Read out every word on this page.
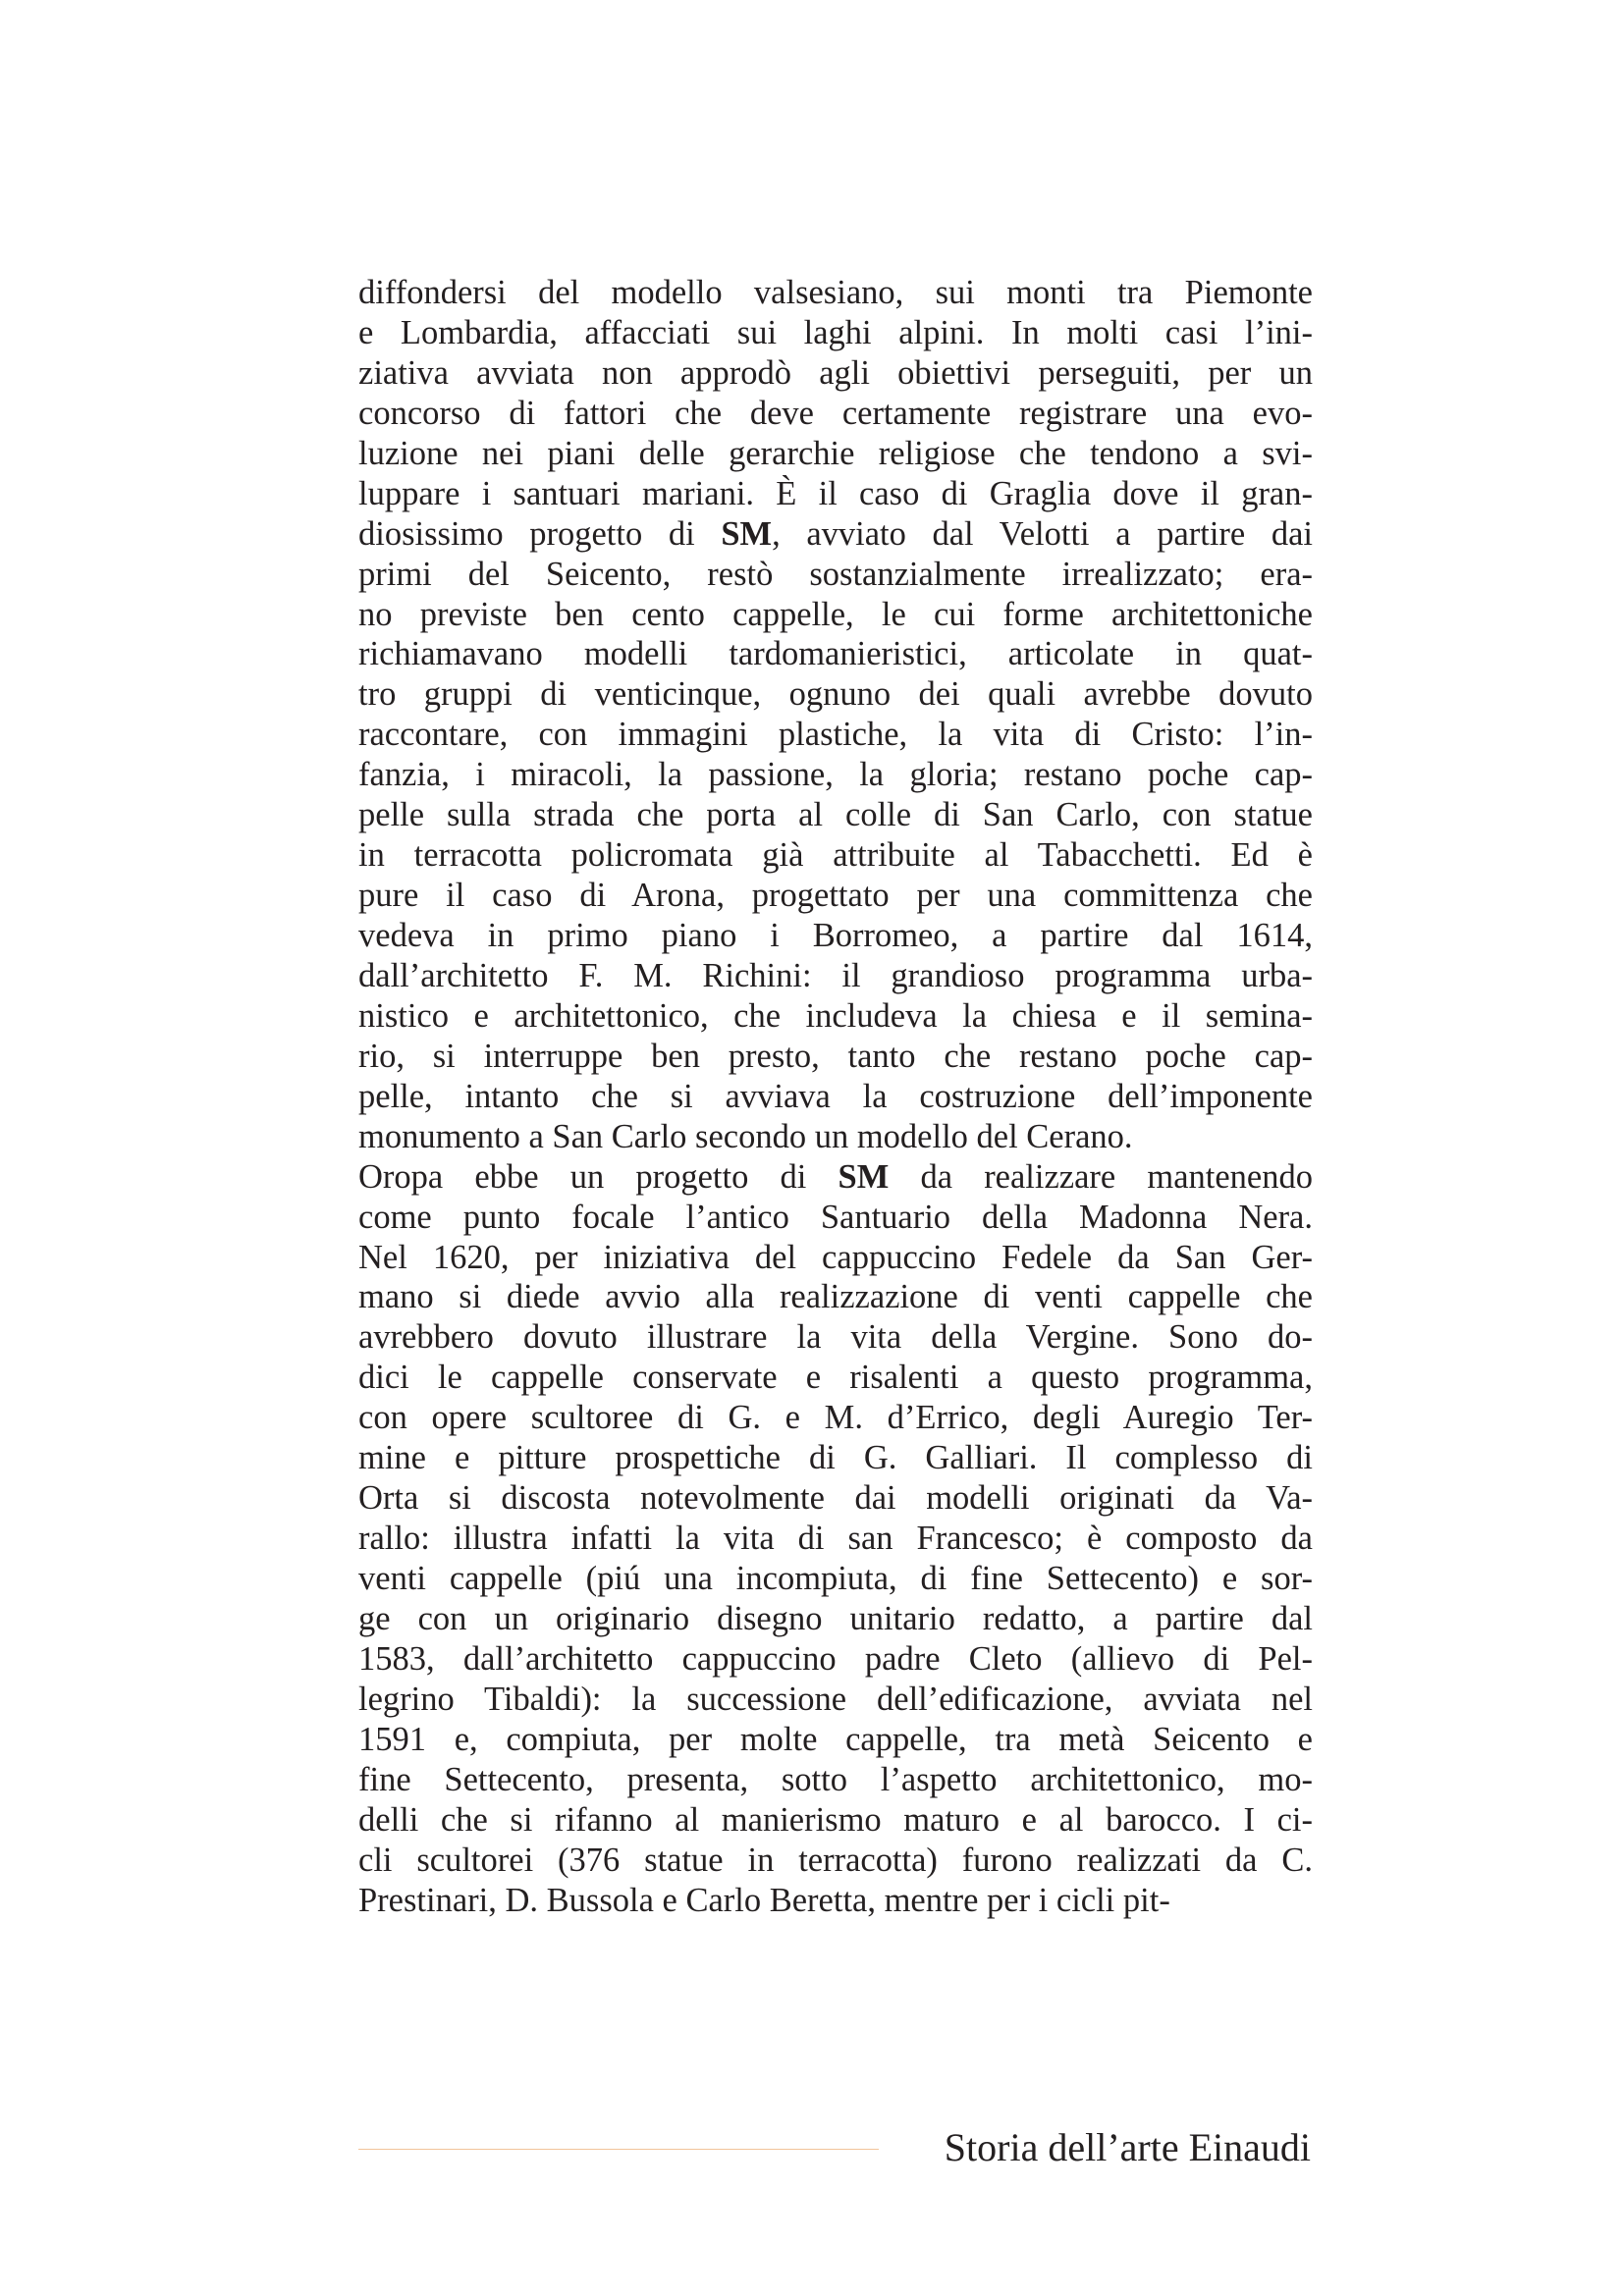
diffondersi del modello valsesiano, sui monti tra Piemonte
e Lombardia, affacciati sui laghi alpini. In molti casi l’ini-
ziativa avviata non approdò agli obiettivi perseguiti, per un
concorso di fattori che deve certamente registrare una evo-
luzione nei piani delle gerarchie religiose che tendono a svi-
luppare i santuari mariani. È il caso di Graglia dove il gran-
diosissimo progetto di SM, avviato dal Velotti a partire dai
primi del Seicento, restò sostanzialmente irrealizzato; era-
no previste ben cento cappelle, le cui forme architettoniche
richiamavano modelli tardomanieristici, articolate in quat-
tro gruppi di venticinque, ognuno dei quali avrebbe dovuto
raccontare, con immagini plastiche, la vita di Cristo: l’in-
fanzia, i miracoli, la passione, la gloria; restano poche cap-
pelle sulla strada che porta al colle di San Carlo, con statue
in terracotta policromata già attribuite al Tabacchetti. Ed è
pure il caso di Arona, progettato per una committenza che
vedeva in primo piano i Borromeo, a partire dal 1614,
dall’architetto F. M. Richini: il grandioso programma urba-
nistico e architettonico, che includeva la chiesa e il semina-
rio, si interruppe ben presto, tanto che restano poche cap-
pelle, intanto che si avviava la costruzione dell’imponente
monumento a San Carlo secondo un modello del Cerano.
Oropa ebbe un progetto di SM da realizzare mantenendo
come punto focale l’antico Santuario della Madonna Nera.
Nel 1620, per iniziativa del cappuccino Fedele da San Ger-
mano si diede avvio alla realizzazione di venti cappelle che
avrebbero dovuto illustrare la vita della Vergine. Sono do-
dici le cappelle conservate e risalenti a questo programma,
con opere scultoree di G. e M. d’Errico, degli Auregio Ter-
mine e pitture prospettiche di G. Galliari. Il complesso di
Orta si discosta notevolmente dai modelli originati da Va-
rallo: illustra infatti la vita di san Francesco; è composto da
venti cappelle (piú una incompiuta, di fine Settecento) e sor-
ge con un originario disegno unitario redatto, a partire dal
1583, dall’architetto cappuccino padre Cleto (allievo di Pel-
legrino Tibaldi): la successione dell’edificazione, avviata nel
1591 e, compiuta, per molte cappelle, tra metà Seicento e
fine Settecento, presenta, sotto l’aspetto architettonico, mo-
delli che si rifanno al manierismo maturo e al barocco. I ci-
cli scultorei (376 statue in terracotta) furono realizzati da C.
Prestinari, D. Bussola e Carlo Beretta, mentre per i cicli pit-
Storia dell’arte Einaudi
